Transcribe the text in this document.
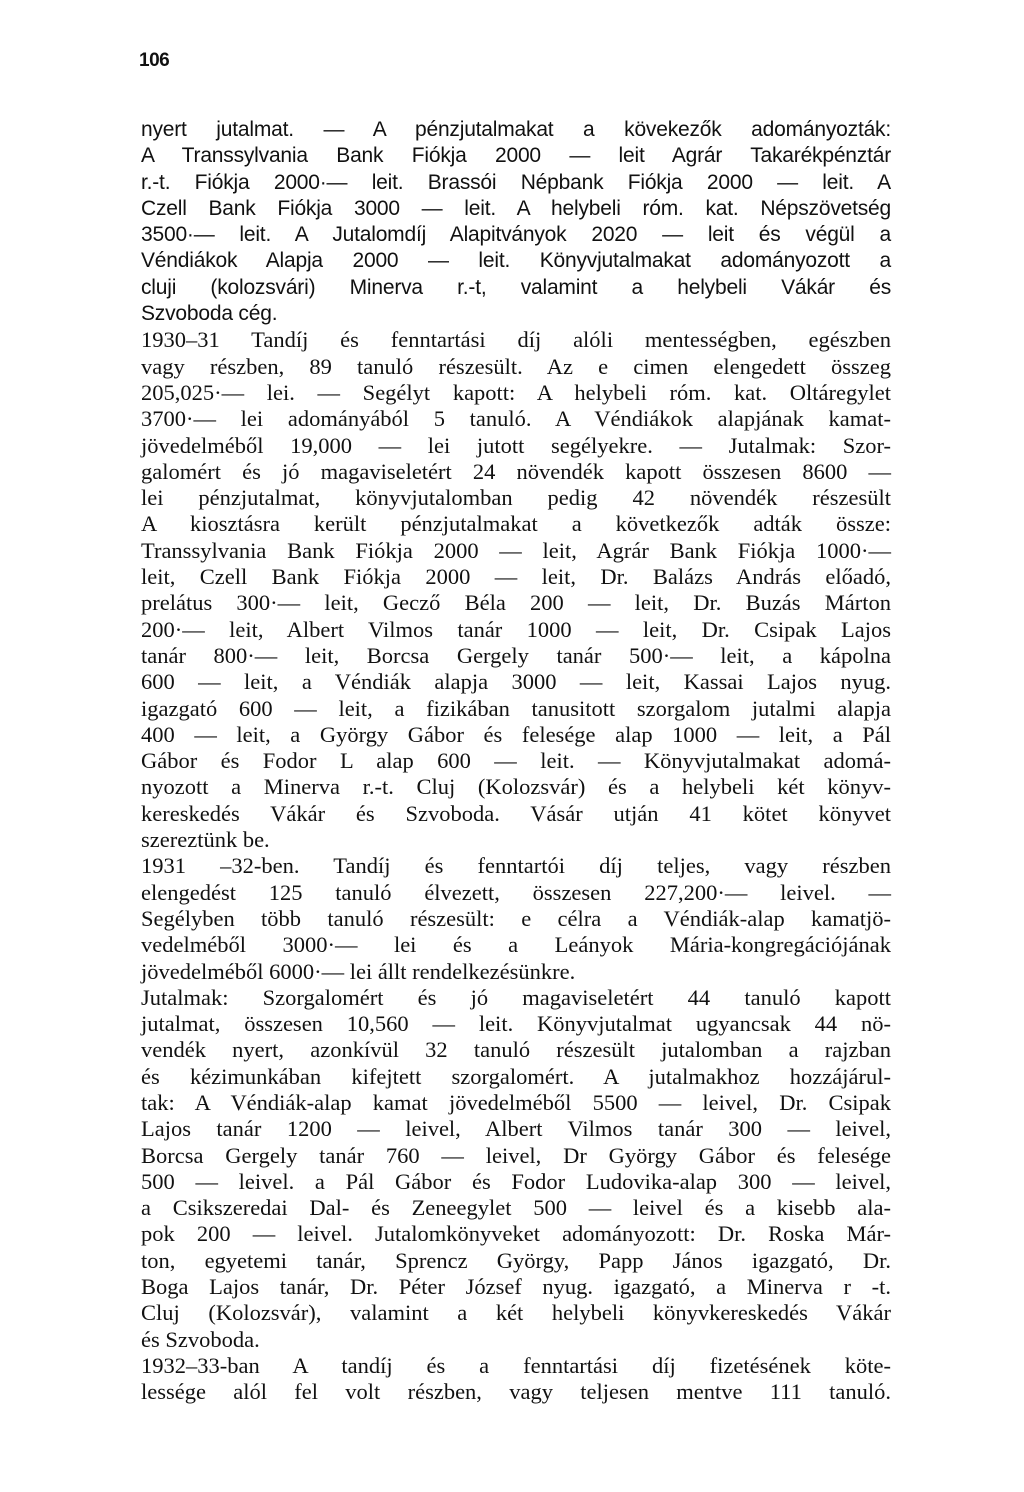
106
nyert jutalmat. — A pénzjutalmakat a kövekezők adományozták:
A Transsylvania Bank Fiókja 2000 — leit Agrár Takarékpénztár
r.-t. Fiókja 2000·— leit. Brassói Népbank Fiókja 2000 — leit. A
Czell Bank Fiókja 3000 — leit. A helybeli róm. kat. Népszövetség
3500·— leit. A Jutalomdíj Alapitványok 2020 — leit és végül a
Véndiákok Alapja 2000 — leit. Könyvjutalmakat adományozott a
cluji (kolozsvári) Minerva r.-t, valamint a helybeli Vákár és
Szvoboda cég.
1930–31 Tandíj és fenntartási díj alóli mentességben, egészben
vagy részben, 89 tanuló részesült. Az e cimen elengedett összeg
205,025·— lei. — Segélyt kapott: A helybeli róm. kat. Oltáregylet
3700·— lei adományából 5 tanuló. A Véndiákok alapjának kamat-
jövedelméből 19,000 — lei jutott segélyekre. — Jutalmak: Szor-
galomért és jó magaviseletért 24 növendék kapott összesen 8600 —
lei pénzjutalmat, könyvjutalomban pedig 42 növendék részesült
A kiosztásra került pénzjutalmakat a következők adták össze:
Transsylvania Bank Fiókja 2000 — leit, Agrár Bank Fiókja 1000·—
leit, Czell Bank Fiókja 2000 — leit, Dr. Balázs András előadó,
prelátus 300·— leit, Gecző Béla 200 — leit, Dr. Buzás Márton
200·— leit, Albert Vilmos tanár 1000 — leit, Dr. Csipak Lajos
tanár 800·— leit, Borcsa Gergely tanár 500·— leit, a kápolna
600 — leit, a Véndiák alapja 3000 — leit, Kassai Lajos nyug.
igazgató 600 — leit, a fizikában tanusitott szorgalom jutalmi alapja
400 — leit, a György Gábor és felesége alap 1000 — leit, a Pál
Gábor és Fodor L alap 600 — leit. — Könyvjutalmakat adomá-
nyozott a Minerva r.-t. Cluj (Kolozsvár) és a helybeli két könyv-
kereskedés Vákár és Szvoboda. Vásár utján 41 kötet könyvet
szereztünk be.
1931 –32-ben. Tandíj és fenntartói díj teljes, vagy részben
elengedést 125 tanuló élvezett, összesen 227,200·— leivel. —
Segélyben több tanuló részesült: e célra a Véndiák-alap kamatjö-
vedelméből 3000·— lei és a Leányok Mária-kongregációjának
jövedelméből 6000·— lei állt rendelkezésünkre.
Jutalmak: Szorgalomért és jó magaviseletért 44 tanuló kapott
jutalmat, összesen 10,560 — leit. Könyvjutalmat ugyancsak 44 nö-
vendék nyert, azonkívül 32 tanuló részesült jutalomban a rajzban
és kézimunkában kifejtett szorgalomért. A jutalmakhoz hozzájárul-
tak: A Véndiák-alap kamat jövedelméből 5500 — leivel, Dr. Csipak
Lajos tanár 1200 — leivel, Albert Vilmos tanár 300 — leivel,
Borcsa Gergely tanár 760 — leivel, Dr György Gábor és felesége
500 — leivel. a Pál Gábor és Fodor Ludovika-alap 300 — leivel,
a Csikszeredai Dal- és Zeneegylet 500 — leivel és a kisebb ala-
pok 200 — leivel. Jutalomkönyveket adományozott: Dr. Roska Már-
ton, egyetemi tanár, Sprencz György, Papp János igazgató, Dr.
Boga Lajos tanár, Dr. Péter József nyug. igazgató, a Minerva r -t.
Cluj (Kolozsvár), valamint a két helybeli könyvkereskedés Vákár
és Szvoboda.
1932–33-ban A tandíj és a fenntartási díj fizetésének köte-
lessége alól fel volt részben, vagy teljesen mentve 111 tanuló.
